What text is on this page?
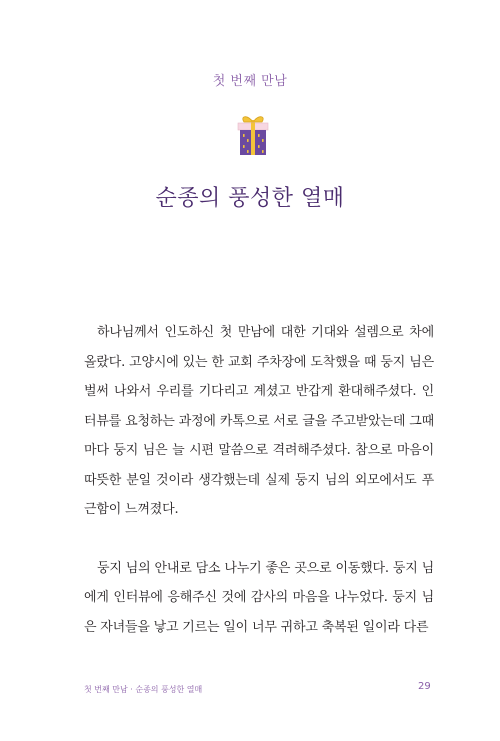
첫 번째 만남
순종의 풍성한 열매

하나님께서 인도하신 첫 만남에 대한 기대와 설렘으로 차에 올랐다. 고양시에 있는 한 교회 주차장에 도착했을 때 둥지 님은 벌써 나와서 우리를 기다리고 계셨고 반갑게 환대해주셨다. 인터뷰를 요청하는 과정에 카톡으로 서로 글을 주고받았는데 그때마다 둥지 님은 늘 시편 말씀으로 격려해주셨다. 참으로 마음이 따뜻한 분일 것이라 생각했는데 실제 둥지 님의 외모에서도 푸근함이 느껴졌다.

둥지 님의 안내로 담소 나누기 좋은 곳으로 이동했다. 둥지 님에게 인터뷰에 응해주신 것에 감사의 마음을 나누었다. 둥지 님은 자녀들을 낳고 기르는 일이 너무 귀하고 축복된 일이라 다른

첫 번째 만남 · 순종의 풍성한 열매	29
